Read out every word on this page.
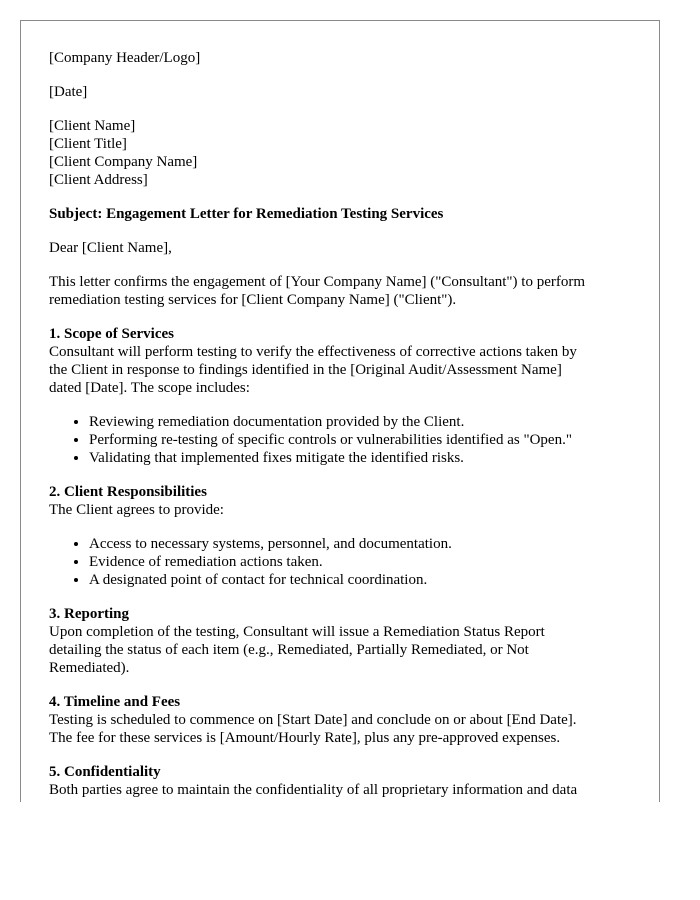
[Company Header/Logo]
[Date]
[Client Name]
[Client Title]
[Client Company Name]
[Client Address]
Subject: Engagement Letter for Remediation Testing Services
Dear [Client Name],
This letter confirms the engagement of [Your Company Name] ("Consultant") to perform
remediation testing services for [Client Company Name] ("Client").
1. Scope of Services
Consultant will perform testing to verify the effectiveness of corrective actions taken by
the Client in response to findings identified in the [Original Audit/Assessment Name]
dated [Date]. The scope includes:
• Reviewing remediation documentation provided by the Client.
• Performing re-testing of specific controls or vulnerabilities identified as "Open."
• Validating that implemented fixes mitigate the identified risks.
2. Client Responsibilities
The Client agrees to provide:
• Access to necessary systems, personnel, and documentation.
• Evidence of remediation actions taken.
• A designated point of contact for technical coordination.
3. Reporting
Upon completion of the testing, Consultant will issue a Remediation Status Report
detailing the status of each item (e.g., Remediated, Partially Remediated, or Not
Remediated).
4. Timeline and Fees
Testing is scheduled to commence on [Start Date] and conclude on or about [End Date].
The fee for these services is [Amount/Hourly Rate], plus any pre-approved expenses.
5. Confidentiality
Both parties agree to maintain the confidentiality of all proprietary information and data
